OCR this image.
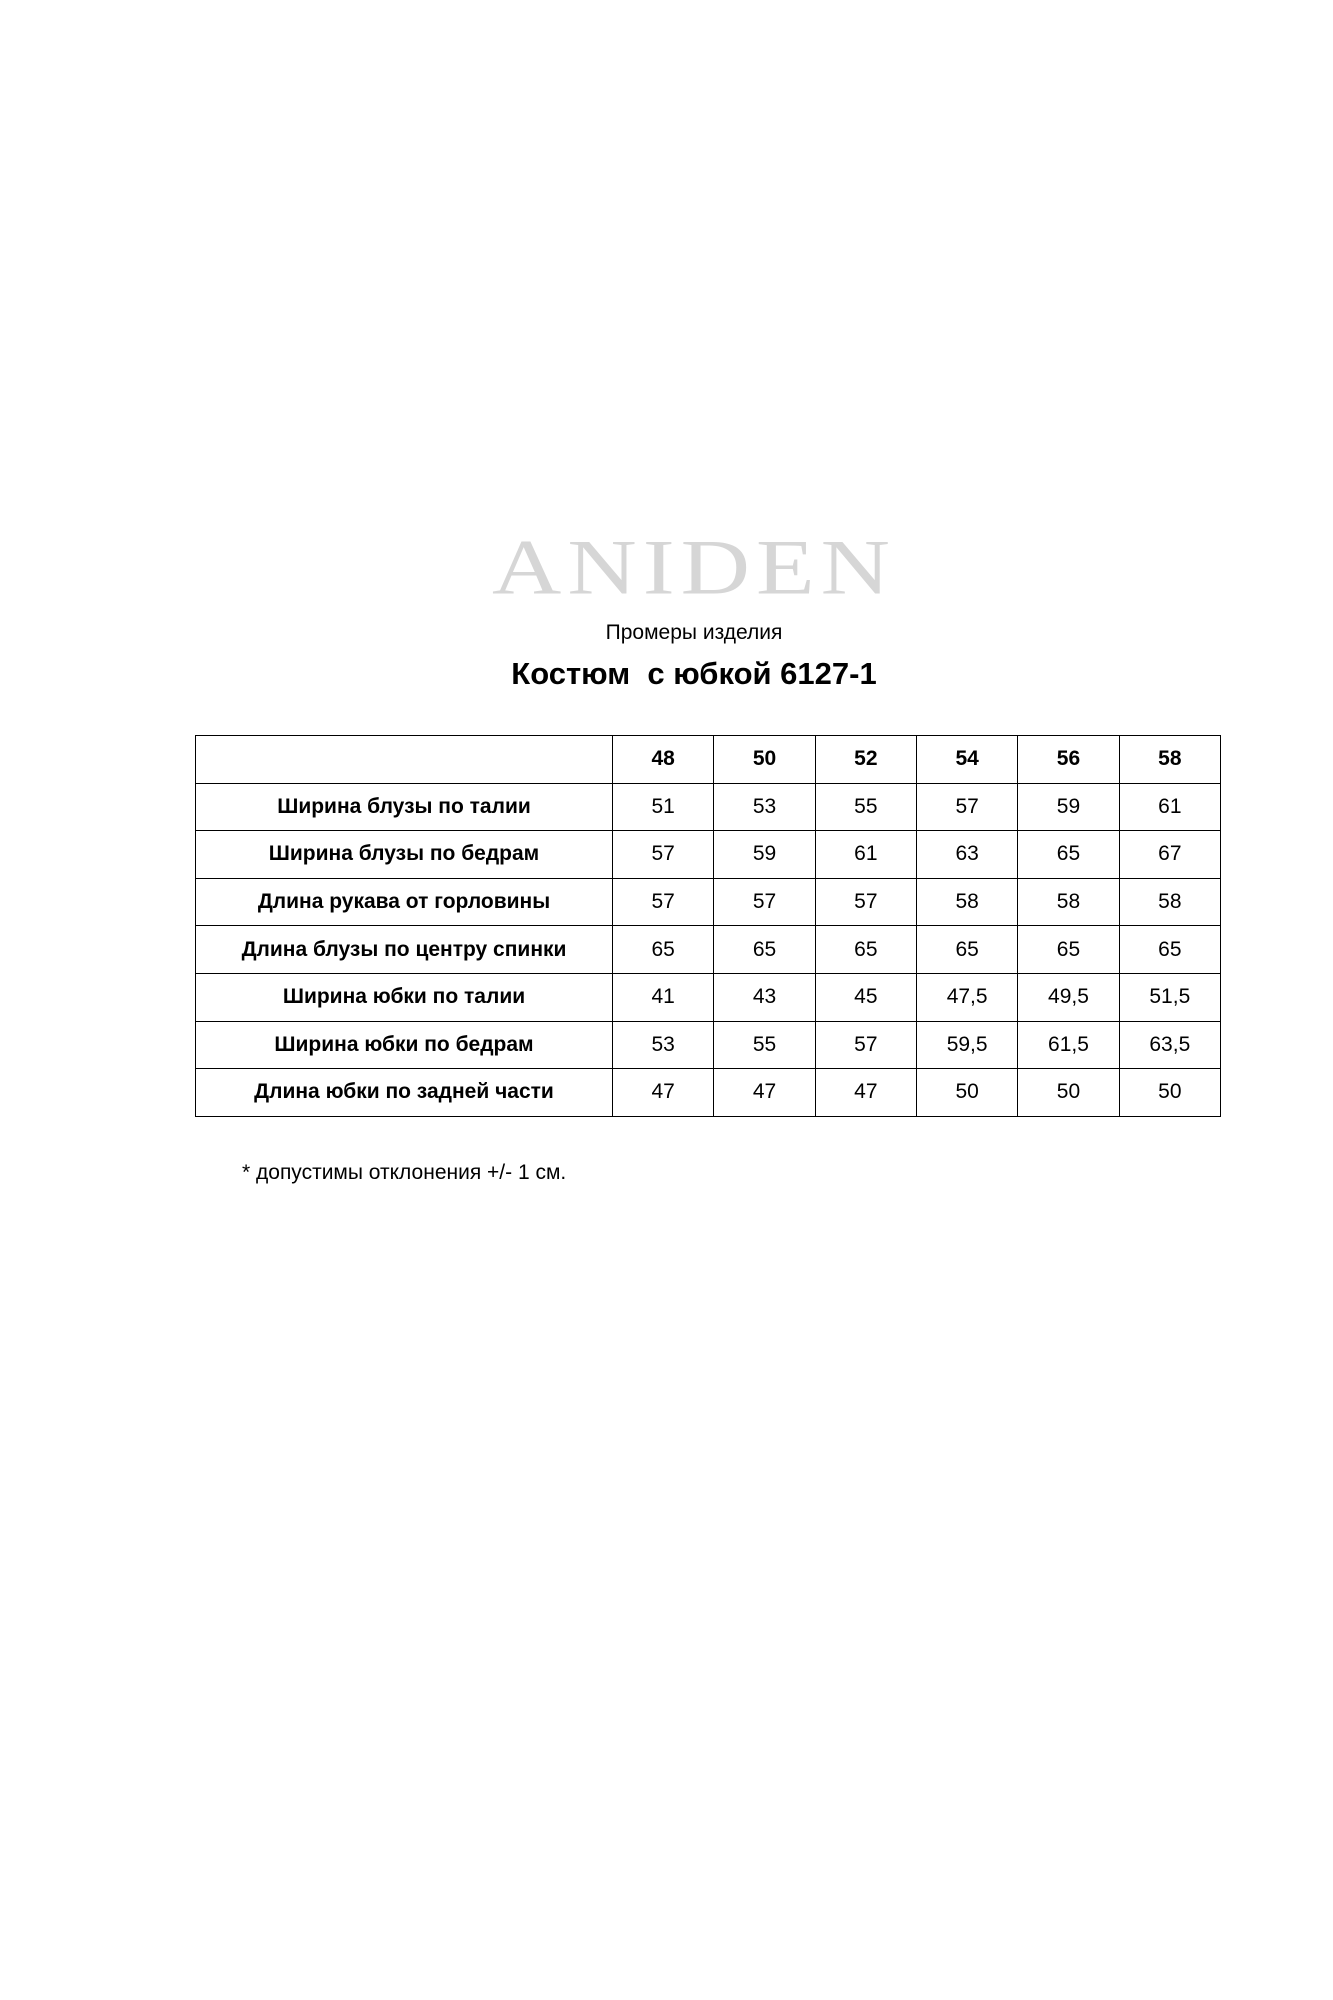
ANIDEN
Промеры изделия
Костюм  с юбкой 6127-1
	48	50	52	54	56	58
Ширина блузы по талии	51	53	55	57	59	61
Ширина блузы по бедрам	57	59	61	63	65	67
Длина рукава от горловины	57	57	57	58	58	58
Длина блузы по центру спинки	65	65	65	65	65	65
Ширина юбки по талии	41	43	45	47,5	49,5	51,5
Ширина юбки по бедрам	53	55	57	59,5	61,5	63,5
Длина юбки по задней части	47	47	47	50	50	50
* допустимы отклонения +/- 1 см.
